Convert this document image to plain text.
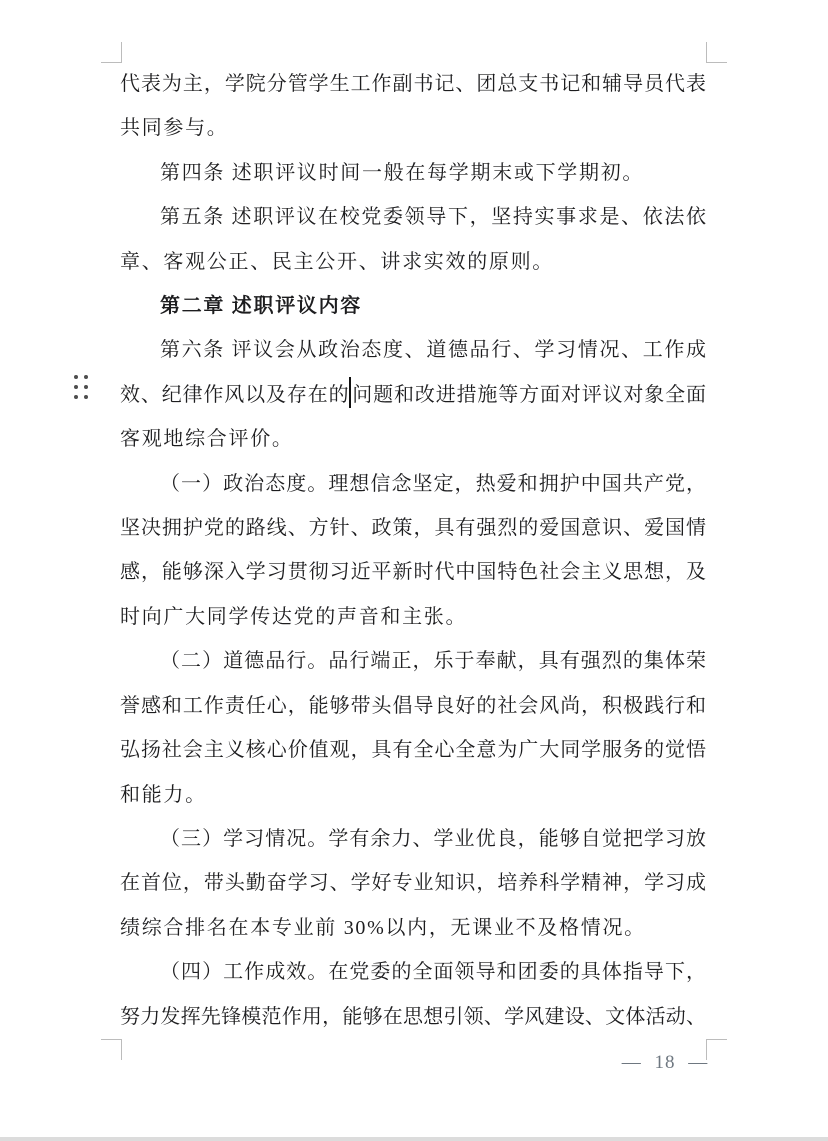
代表为主，学院分管学生工作副书记、团总支书记和辅导员代表
共同参与。
第四条 述职评议时间一般在每学期末或下学期初。
第五条 述职评议在校党委领导下，坚持实事求是、依法依
章、客观公正、民主公开、讲求实效的原则。
第二章 述职评议内容
第六条 评议会从政治态度、道德品行、学习情况、工作成
效、纪律作风以及存在的 问题和改进措施等方面对评议对象全面
客观地综合评价。
（一）政治态度。理想信念坚定，热爱和拥护中国共产党，
坚决拥护党的路线、方针、政策，具有强烈的爱国意识、爱国情
感，能够深入学习贯彻习近平新时代中国特色社会主义思想，及
时向广大同学传达党的声音和主张。
（二）道德品行。品行端正，乐于奉献，具有强烈的集体荣
誉感和工作责任心，能够带头倡导良好的社会风尚，积极践行和
弘扬社会主义核心价值观，具有全心全意为广大同学服务的觉悟
和能力。
（三）学习情况。学有余力、学业优良，能够自觉把学习放
在首位，带头勤奋学习、学好专业知识，培养科学精神，学习成
绩综合排名在本专业前 30%以内，无课业不及格情况。
（四）工作成效。在党委的全面领导和团委的具体指导下，
努力发挥先锋模范作用，能够在思想引领、学风建设、文体活动、
— 18 —
